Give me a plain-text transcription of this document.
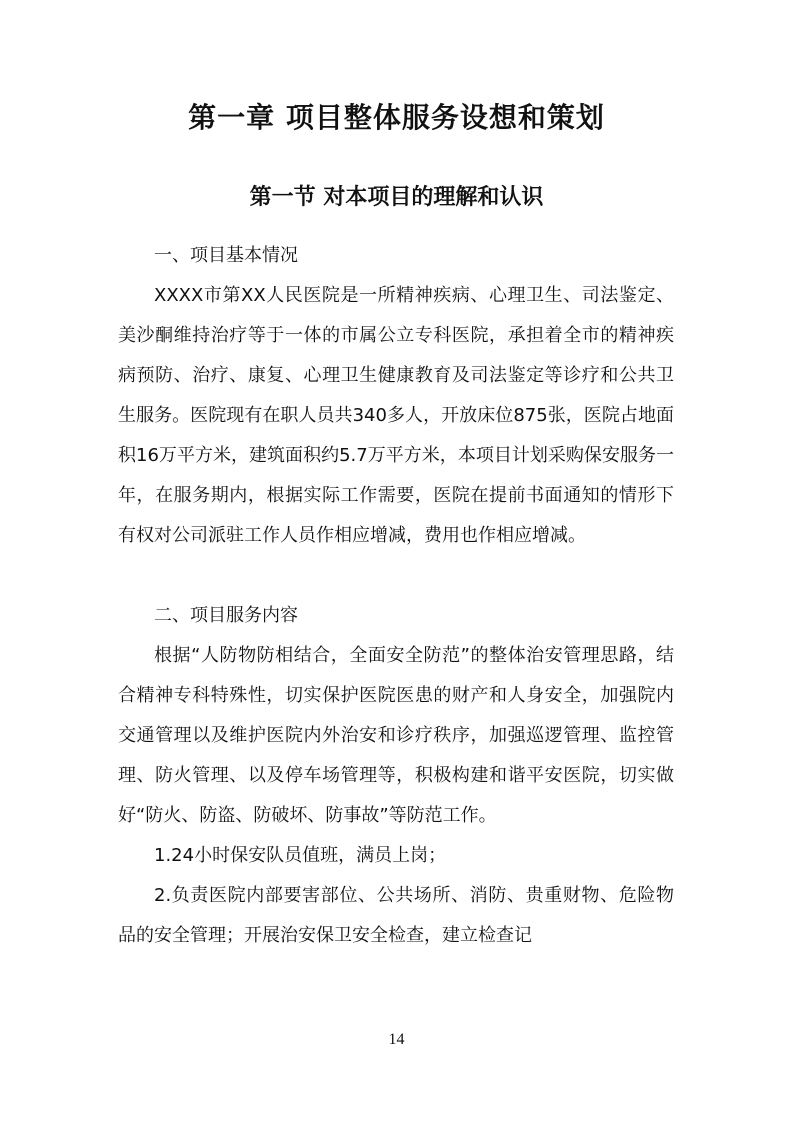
第一章 项目整体服务设想和策划
第一节 对本项目的理解和认识

一、项目基本情况

XXXX市第XX人民医院是一所精神疾病、心理卫生、司法鉴定、美沙酮维持治疗等于一体的市属公立专科医院，承担着全市的精神疾病预防、治疗、康复、心理卫生健康教育及司法鉴定等诊疗和公共卫生服务。医院现有在职人员共340多人，开放床位875张，医院占地面积16万平方米，建筑面积约5.7万平方米，本项目计划采购保安服务一年，在服务期内，根据实际工作需要，医院在提前书面通知的情形下有权对公司派驻工作人员作相应增减，费用也作相应增减。

二、项目服务内容

根据“人防物防相结合，全面安全防范”的整体治安管理思路，结合精神专科特殊性，切实保护医院医患的财产和人身安全，加强院内交通管理以及维护医院内外治安和诊疗秩序，加强巡逻管理、监控管理、防火管理、以及停车场管理等，积极构建和谐平安医院，切实做好“防火、防盗、防破坏、防事故”等防范工作。

1.24小时保安队员值班，满员上岗；

2.负责医院内部要害部位、公共场所、消防、贵重财物、危险物品的安全管理；开展治安保卫安全检查，建立检查记

14
